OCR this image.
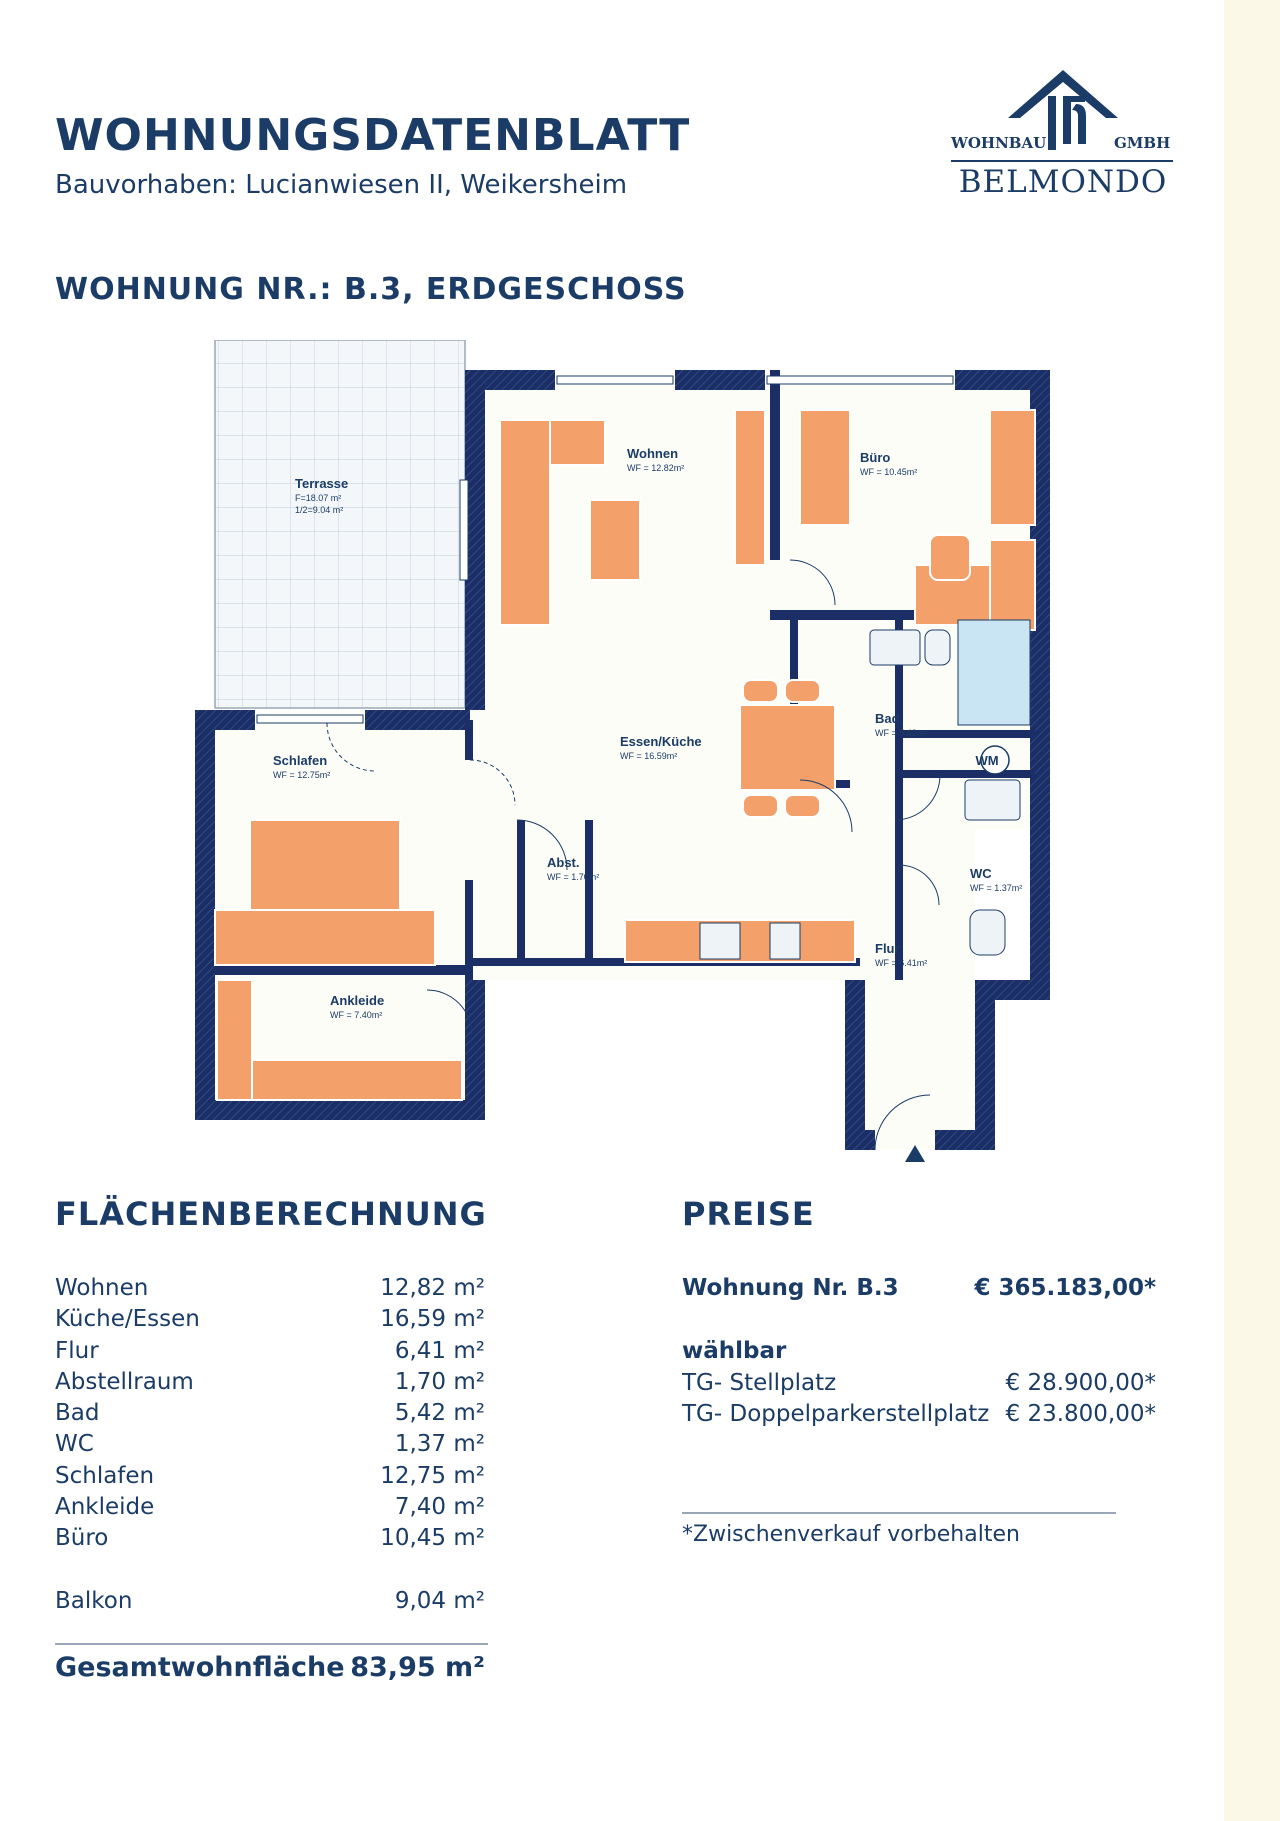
WOHNUNGSDATENBLATT
Bauvorhaben: Lucianwiesen II, Weikersheim
WOHNBAU	GMBH
BELMONDO
WOHNUNG NR.: B.3, ERDGESCHOSS
Terrasse
F=18.07 m²
1/2=9.04 m²
Wohnen
WF = 12.82m²
Büro
WF = 10.45m²
Essen/Küche
WF = 16.59m²
Bad
WF = 5.42m²
Schlafen
WF = 12.75m²
Abst.
WF = 1.70m²	WC
WF = 1.37m²
Flur
WF = 6.41m²
Ankleide
WF = 7.40m²
WM
FLÄCHENBERECHNUNG
Wohnen	12,82 m²
Küche/Essen	16,59 m²
Flur	6,41 m²
Abstellraum	1,70 m²
Bad	5,42 m²
WC	1,37 m²
Schlafen	12,75 m²
Ankleide	7,40 m²
Büro	10,45 m²
Balkon	9,04 m²
Gesamtwohnfläche 83,95 m²
PREISE
Wohnung Nr. B.3	€ 365.183,00*
wählbar
TG- Stellplatz	€ 28.900,00*
TG- Doppelparkerstellplatz € 23.800,00*
*Zwischenverkauf vorbehalten
